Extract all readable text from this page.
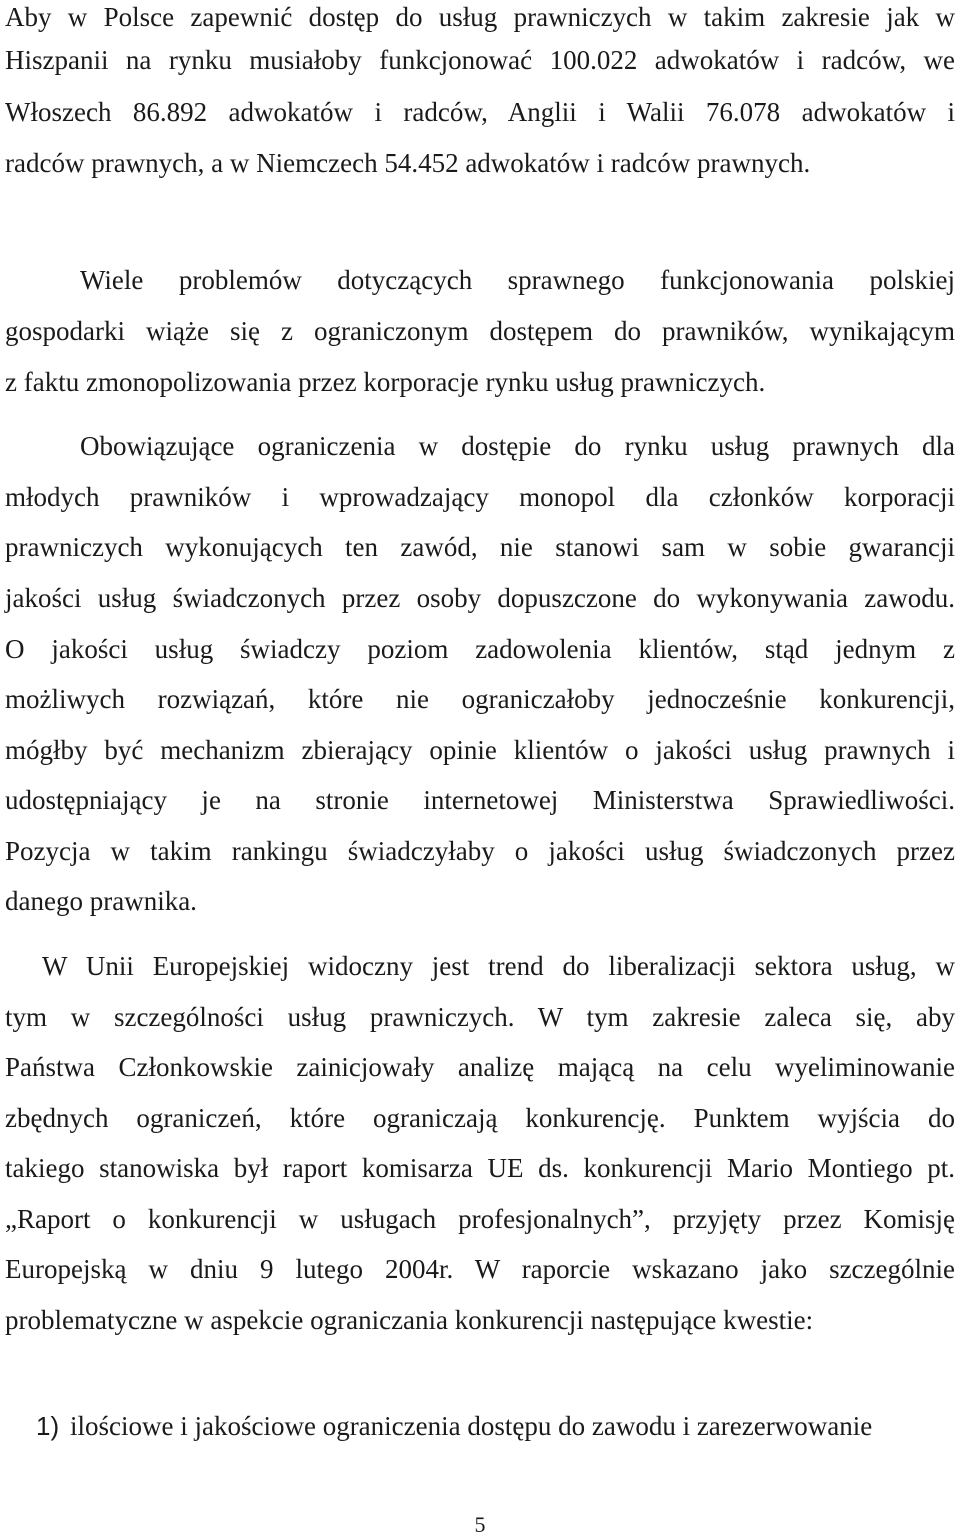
Aby w Polsce zapewnić dostęp do usług prawniczych w takim zakresie jak w
Hiszpanii na rynku musiałoby funkcjonować 100.022 adwokatów i radców, we
Włoszech 86.892 adwokatów i radców, Anglii i Walii 76.078 adwokatów i
radców prawnych, a w Niemczech 54.452 adwokatów i radców prawnych.
Wiele problemów dotyczących sprawnego funkcjonowania polskiej
gospodarki wiąże się z ograniczonym dostępem do prawników, wynikającym
z faktu zmonopolizowania przez korporacje rynku usług prawniczych.
Obowiązujące ograniczenia w dostępie do rynku usług prawnych dla
młodych prawników i wprowadzający monopol dla członków korporacji
prawniczych wykonujących ten zawód, nie stanowi sam w sobie gwarancji
jakości usług świadczonych przez osoby dopuszczone do wykonywania zawodu.
O jakości usług świadczy poziom zadowolenia klientów, stąd jednym z
możliwych rozwiązań, które nie ograniczałoby jednocześnie konkurencji,
mógłby być mechanizm zbierający opinie klientów o jakości usług prawnych i
udostępniający je na stronie internetowej Ministerstwa Sprawiedliwości.
Pozycja w takim rankingu świadczyłaby o jakości usług świadczonych przez
danego prawnika.
W Unii Europejskiej widoczny jest trend do liberalizacji sektora usług, w
tym w szczególności usług prawniczych. W tym zakresie zaleca się, aby
Państwa Członkowskie zainicjowały analizę mającą na celu wyeliminowanie
zbędnych ograniczeń, które ograniczają konkurencję. Punktem wyjścia do
takiego stanowiska był raport komisarza UE ds. konkurencji Mario Montiego pt.
„Raport o konkurencji w usługach profesjonalnych”, przyjęty przez Komisję
Europejską w dniu 9 lutego 2004r. W raporcie wskazano jako szczególnie
problematyczne w aspekcie ograniczania konkurencji następujące kwestie:
1) ilościowe i jakościowe ograniczenia dostępu do zawodu i zarezerwowanie
5
